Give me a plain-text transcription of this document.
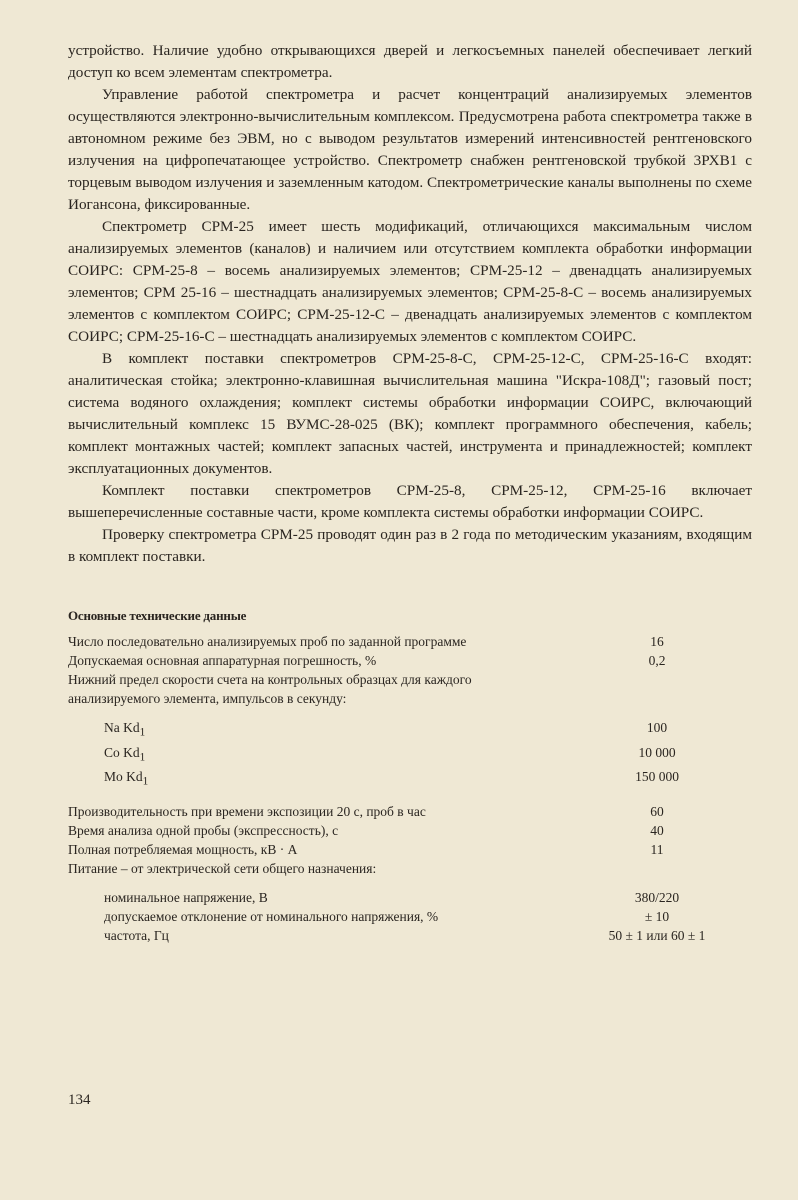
устройство. Наличие удобно открывающихся дверей и легкосъемных панелей обеспечивает легкий доступ ко всем элементам спектрометра.

Управление работой спектрометра и расчет концентраций анализируемых элементов осуществляются электронно-вычислительным комплексом. Предусмотрена работа спектрометра также в автономном режиме без ЭВМ, но с выводом результатов измерений интенсивностей рентгеновского излучения на цифропечатающее устройство. Спектрометр снабжен рентгеновской трубкой 3РХВ1 с торцевым выводом излучения и заземленным катодом. Спектрометрические каналы выполнены по схеме Иогансона, фиксированные.

Спектрометр СРМ-25 имеет шесть модификаций, отличающихся максимальным числом анализируемых элементов (каналов) и наличием или отсутствием комплекта обработки информации СОИРС: СРМ-25-8 – восемь анализируемых элементов; СРМ-25-12 – двенадцать анализируемых элементов; СРМ 25-16 – шестнадцать анализируемых элементов; СРМ-25-8-С – восемь анализируемых элементов с комплектом СОИРС; СРМ-25-12-С – двенадцать анализируемых элементов с комплектом СОИРС; СРМ-25-16-С – шестнадцать анализируемых элементов с комплектом СОИРС.

В комплект поставки спектрометров СРМ-25-8-С, СРМ-25-12-С, СРМ-25-16-С входят: аналитическая стойка; электронно-клавишная вычислительная машина "Искра-108Д"; газовый пост; система водяного охлаждения; комплект системы обработки информации СОИРС, включающий вычислительный комплекс 15 ВУМС-28-025 (ВК); комплект программного обеспечения, кабель; комплект монтажных частей; комплект запасных частей, инструмента и принадлежностей; комплект эксплуатационных документов.

Комплект поставки спектрометров СРМ-25-8, СРМ-25-12, СРМ-25-16 включает вышеперечисленные составные части, кроме комплекта системы обработки информации СОИРС.

Проверку спектрометра СРМ-25 проводят один раз в 2 года по методическим указаниям, входящим в комплект поставки.

Основные технические данные
Число последовательно анализируемых проб по заданной программе	16
Допускаемая основная аппаратурная погрешность, %	0,2
Нижний предел скорости счета на контрольных образцах для каждого анализируемого элемента, импульсов в секунду:
Na $Kd_1$	100
Co $Kd_1$	10 000
Mo $Kd_1$	150 000
Производительность при времени экспозиции 20 с, проб в час	60
Время анализа одной пробы (экспрессность), с	40
Полная потребляемая мощность, кВ · А	11
Питание – от электрической сети общего назначения:
номинальное напряжение, В	380/220
допускаемое отклонение от номинального напряжения, %	± 10
частота, Гц	50 ± 1 или 60 ± 1
134
